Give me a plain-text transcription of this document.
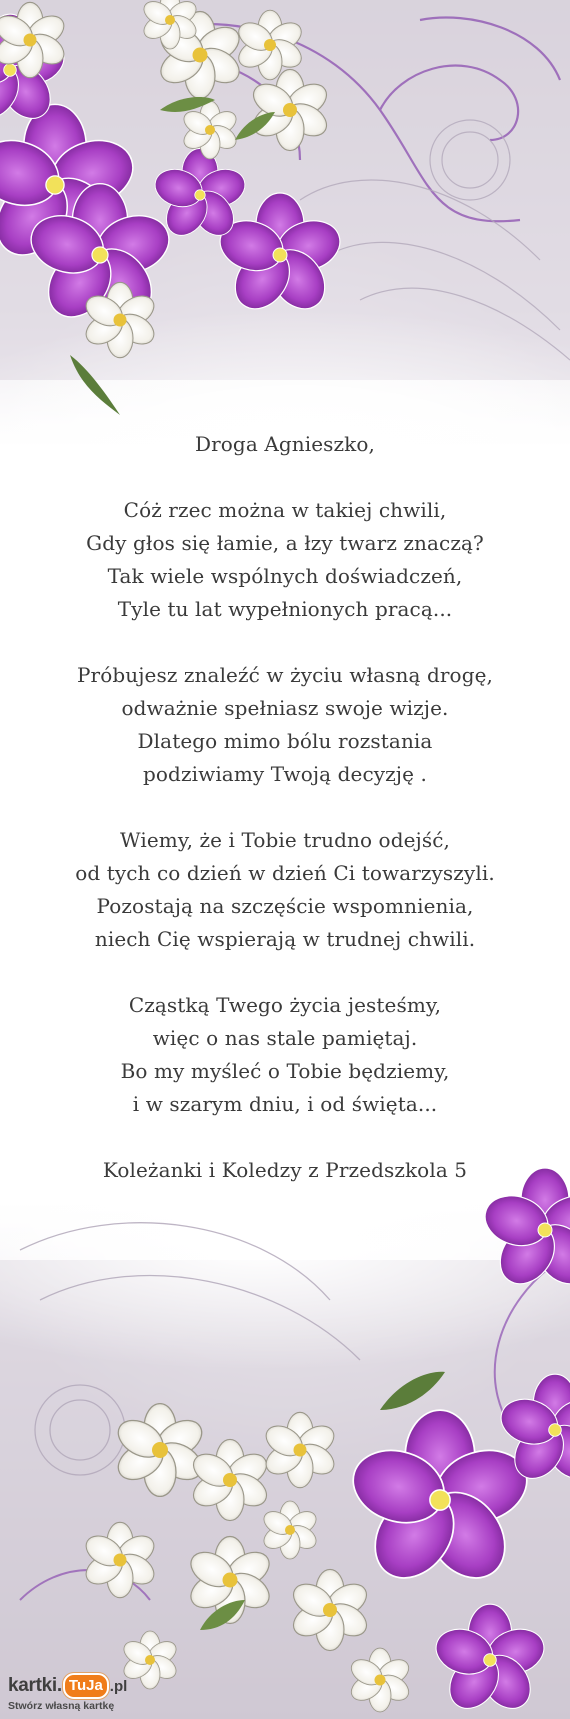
Droga Agnieszko,
Cóż rzec można w takiej chwili,
Gdy głos się łamie, a łzy twarz znaczą?
Tak wiele wspólnych doświadczeń,
Tyle tu lat wypełnionych pracą...
Próbujesz znaleźć w życiu własną drogę,
odważnie spełniasz swoje wizje.
Dlatego mimo bólu rozstania
podziwiamy Twoją decyzję .
Wiemy, że i Tobie trudno odejść,
od tych co dzień w dzień Ci towarzyszyli.
Pozostają na szczęście wspomnienia,
niech Cię wspierają w trudnej chwili.
Cząstką Twego życia jesteśmy,
więc o nas stale pamiętaj.
Bo my myśleć o Tobie będziemy,
i w szarym dniu, i od święta...
Koleżanki i Koledzy z Przedszkola 5
kartki. TuJa .pl
Stwórz własną kartkę
